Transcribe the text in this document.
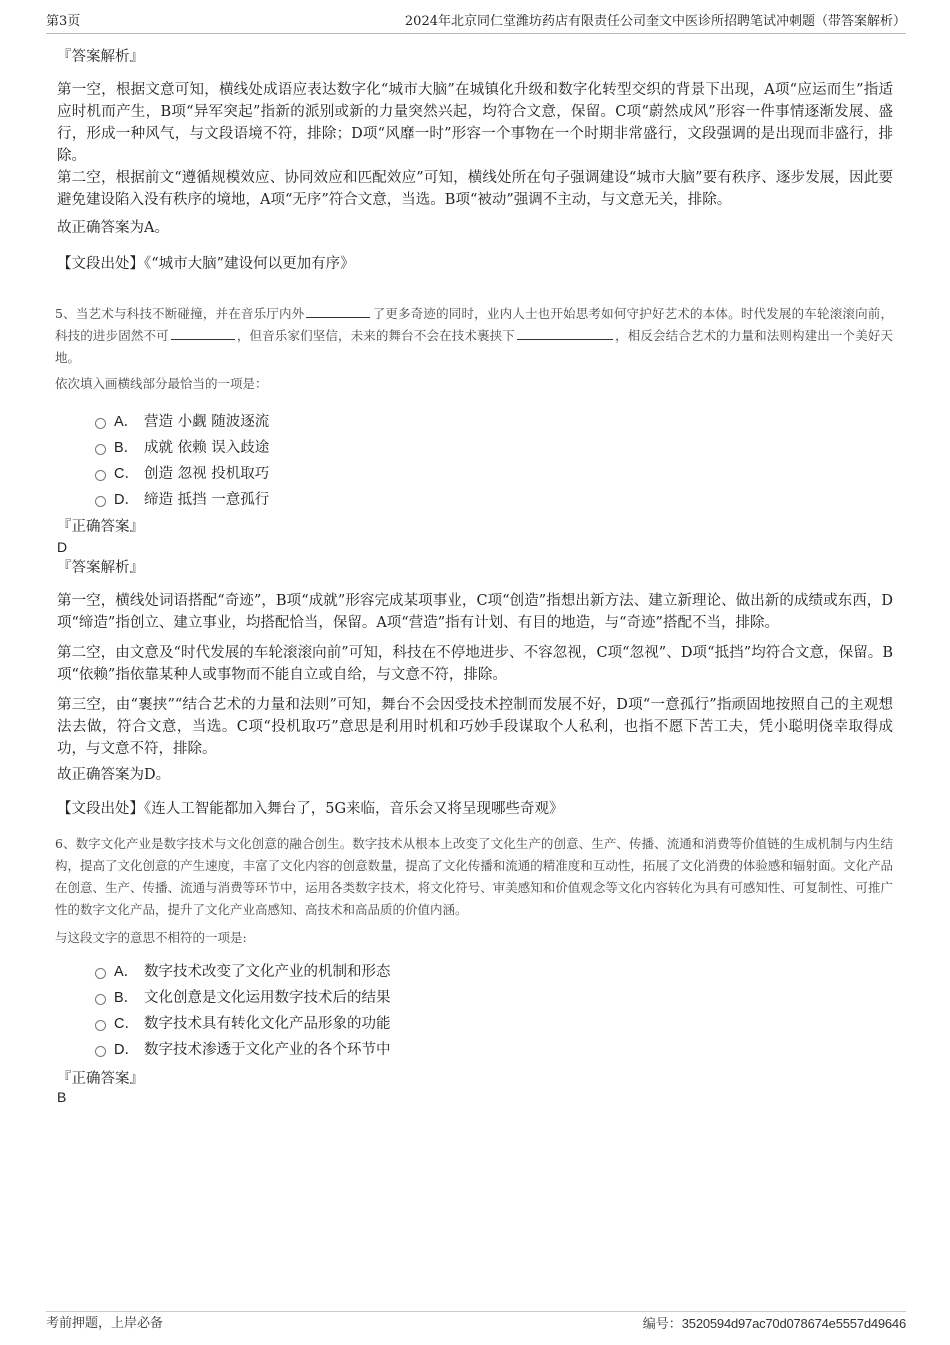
第3页	2024年北京同仁堂潍坊药店有限责任公司奎文中医诊所招聘笔试冲刺题（带答案解析）
『答案解析』

第一空，根据文意可知，横线处成语应表达数字化“城市大脑”在城镇化升级和数字化转型交织的背景下出现，A项“应运而生”指适应时机而产生，B项“异军突起”指新的派别或新的力量突然兴起，均符合文意，保留。C项“蔚然成风”形容一件事情逐渐发展、盛行，形成一种风气，与文段语境不符，排除；D项“风靡一时”形容一个事物在一个时期非常盛行，文段强调的是出现而非盛行，排除。

第二空，根据前文“遵循规模效应、协同效应和匹配效应”可知，横线处所在句子强调建设“城市大脑”要有秩序、逐步发展，因此要避免建设陷入没有秩序的境地，A项“无序”符合文意，当选。B项“被动”强调不主动，与文意无关，排除。

故正确答案为A。

【文段出处】《“城市大脑”建设何以更加有序》

5、当艺术与科技不断碰撞，并在音乐厅内外	了更多奇迹的同时，业内人士也开始思考如何守护好艺术的本体。时代发展的车轮滚滚向前，科技的进步固然不可	，但音乐家们坚信，未来的舞台不会在技术裹挟下	，相反会结合艺术的力量和法则构建出一个美好天地。

依次填入画横线部分最恰当的一项是：

A． 营造 小觑 随波逐流
B． 成就 依赖 误入歧途
C． 创造 忽视 投机取巧
D． 缔造 抵挡 一意孤行
『正确答案』
D
『答案解析』

第一空，横线处词语搭配“奇迹”，B项“成就”形容完成某项事业，C项“创造”指想出新方法、建立新理论、做出新的成绩或东西，D项“缔造”指创立、建立事业，均搭配恰当，保留。A项“营造”指有计划、有目的地造，与“奇迹”搭配不当，排除。

第二空，由文意及“时代发展的车轮滚滚向前”可知，科技在不停地进步、不容忽视，C项“忽视”、D项“抵挡”均符合文意，保留。B项“依赖”指依靠某种人或事物而不能自立或自给，与文意不符，排除。

第三空，由“裹挟”“结合艺术的力量和法则”可知，舞台不会因受技术控制而发展不好，D项“一意孤行”指顽固地按照自己的主观想法去做，符合文意，当选。C项“投机取巧”意思是利用时机和巧妙手段谋取个人私利，也指不愿下苦工夫，凭小聪明侥幸取得成功，与文意不符，排除。

故正确答案为D。

【文段出处】《连人工智能都加入舞台了，5G来临，音乐会又将呈现哪些奇观》

6、数字文化产业是数字技术与文化创意的融合创生。数字技术从根本上改变了文化生产的创意、生产、传播、流通和消费等价值链的生成机制与内生结构，提高了文化创意的产生速度，丰富了文化内容的创意数量，提高了文化传播和流通的精准度和互动性，拓展了文化消费的体验感和辐射面。文化产品在创意、生产、传播、流通与消费等环节中，运用各类数字技术，将文化符号、审美感知和价值观念等文化内容转化为具有可感知性、可复制性、可推广性的数字文化产品，提升了文化产业高感知、高技术和高品质的价值内涵。

与这段文字的意思不相符的一项是:

A． 数字技术改变了文化产业的机制和形态
B． 文化创意是文化运用数字技术后的结果
C． 数字技术具有转化文化产品形象的功能
D． 数字技术渗透于文化产业的各个环节中
『正确答案』
B
考前押题，上岸必备	编号：3520594d97ac70d078674e5557d49646
